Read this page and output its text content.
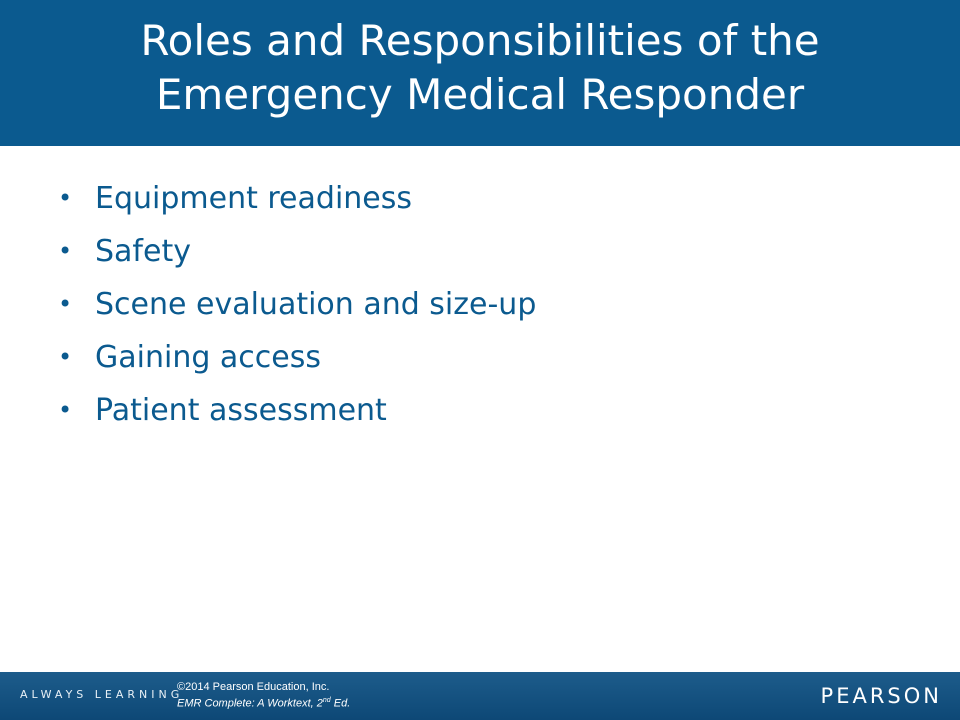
Roles and Responsibilities of the
Emergency Medical Responder
• Equipment readiness
• Safety
• Scene evaluation and size-up
• Gaining access
• Patient assessment
ALWAYS LEARNING
©2014 Pearson Education, Inc.
EMR Complete: A Worktext, 2nd Ed.	PEARSON
